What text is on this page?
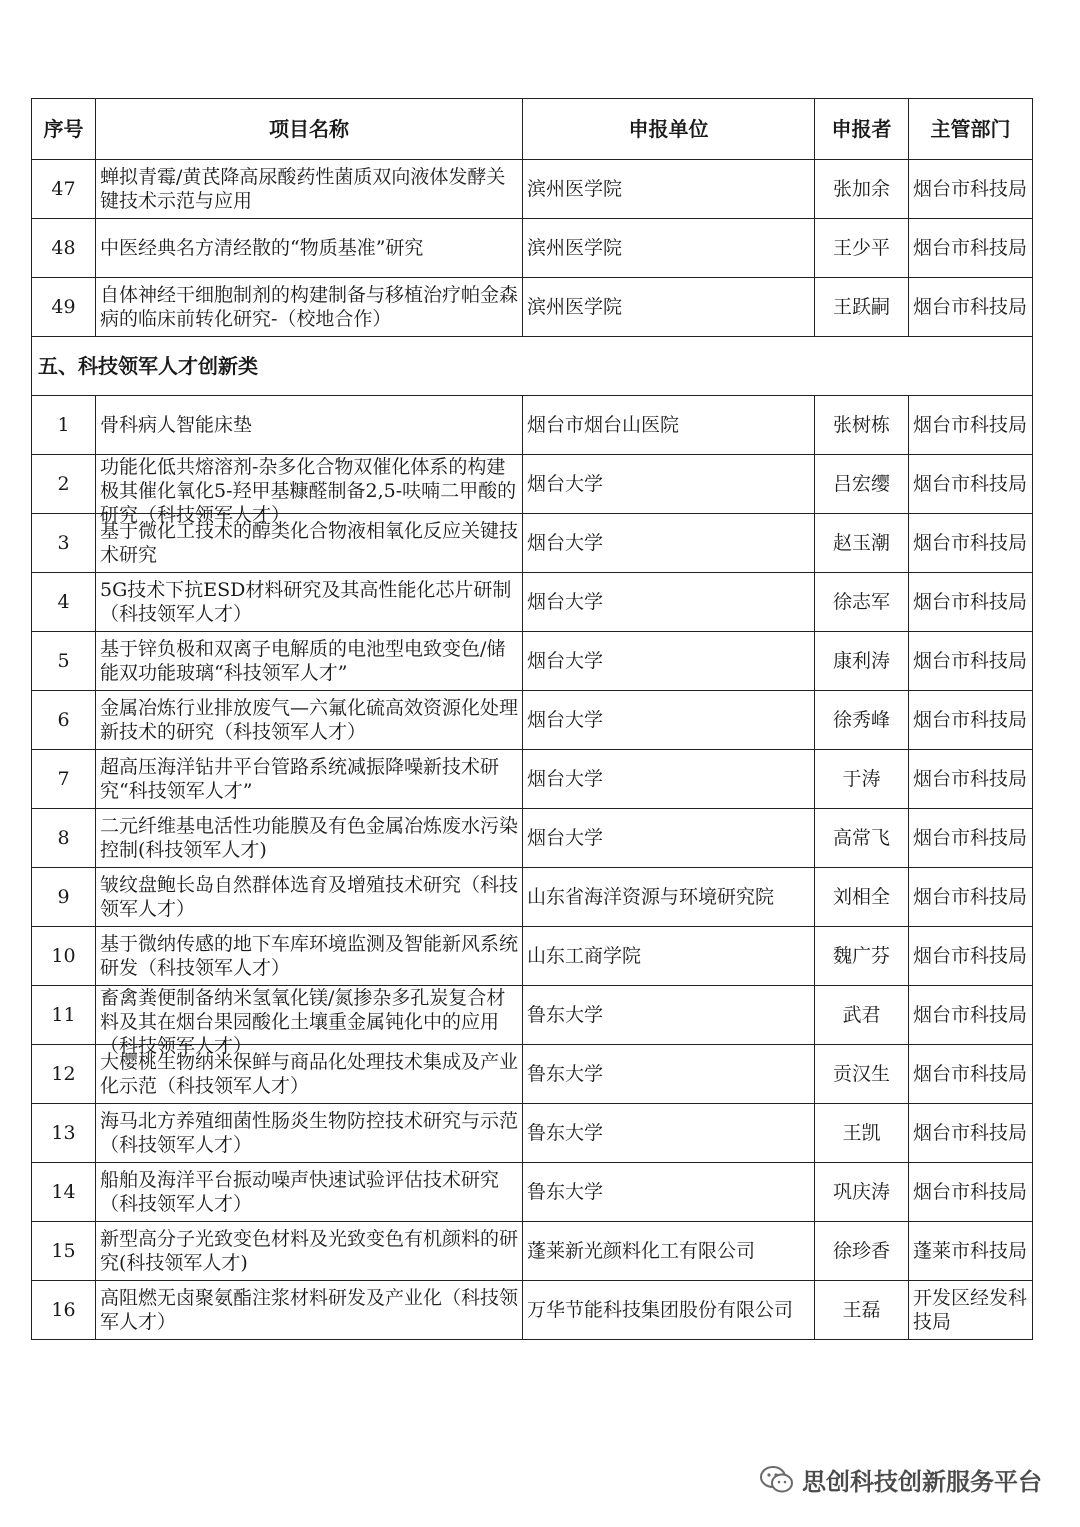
序号	项目名称	申报单位	申报者	主管部门
47	蝉拟青霉/黄芪降高尿酸药性菌质双向液体发酵关键技术示范与应用	滨州医学院	张加余	烟台市科技局
48	中医经典名方清经散的“物质基准”研究	滨州医学院	王少平	烟台市科技局
49	自体神经干细胞制剂的构建制备与移植治疗帕金森病的临床前转化研究-（校地合作）	滨州医学院	王跃嗣	烟台市科技局
五、科技领军人才创新类				
1	骨科病人智能床垫	烟台市烟台山医院	张树栋	烟台市科技局
2	功能化低共熔溶剂-杂多化合物双催化体系的构建极其催化氧化5-羟甲基糠醛制备2,5-呋喃二甲酸的研究（科技领军人才）	烟台大学	吕宏缨	烟台市科技局
3	基于微化工技术的醇类化合物液相氧化反应关键技术研究	烟台大学	赵玉潮	烟台市科技局
4	5G技术下抗ESD材料研究及其高性能化芯片研制（科技领军人才）	烟台大学	徐志军	烟台市科技局
5	基于锌负极和双离子电解质的电池型电致变色/储能双功能玻璃“科技领军人才”	烟台大学	康利涛	烟台市科技局
6	金属冶炼行业排放废气—六氟化硫高效资源化处理新技术的研究（科技领军人才）	烟台大学	徐秀峰	烟台市科技局
7	超高压海洋钻井平台管路系统减振降噪新技术研究“科技领军人才”	烟台大学	于涛	烟台市科技局
8	二元纤维基电活性功能膜及有色金属冶炼废水污染控制(科技领军人才)	烟台大学	高常飞	烟台市科技局
9	皱纹盘鲍长岛自然群体选育及增殖技术研究（科技领军人才）	山东省海洋资源与环境研究院	刘相全	烟台市科技局
10	基于微纳传感的地下车库环境监测及智能新风系统研发（科技领军人才）	山东工商学院	魏广芬	烟台市科技局
11	畜禽粪便制备纳米氢氧化镁/氮掺杂多孔炭复合材料及其在烟台果园酸化土壤重金属钝化中的应用（科技领军人才）	鲁东大学	武君	烟台市科技局
12	大樱桃生物纳米保鲜与商品化处理技术集成及产业化示范（科技领军人才）	鲁东大学	贡汉生	烟台市科技局
13	海马北方养殖细菌性肠炎生物防控技术研究与示范（科技领军人才）	鲁东大学	王凯	烟台市科技局
14	船舶及海洋平台振动噪声快速试验评估技术研究（科技领军人才）	鲁东大学	巩庆涛	烟台市科技局
15	新型高分子光致变色材料及光致变色有机颜料的研究(科技领军人才)	蓬莱新光颜料化工有限公司	徐珍香	蓬莱市科技局
16	高阻燃无卤聚氨酯注浆材料研发及产业化（科技领军人才）	万华节能科技集团股份有限公司	王磊	开发区经发科技局
思创科技创新服务平台
